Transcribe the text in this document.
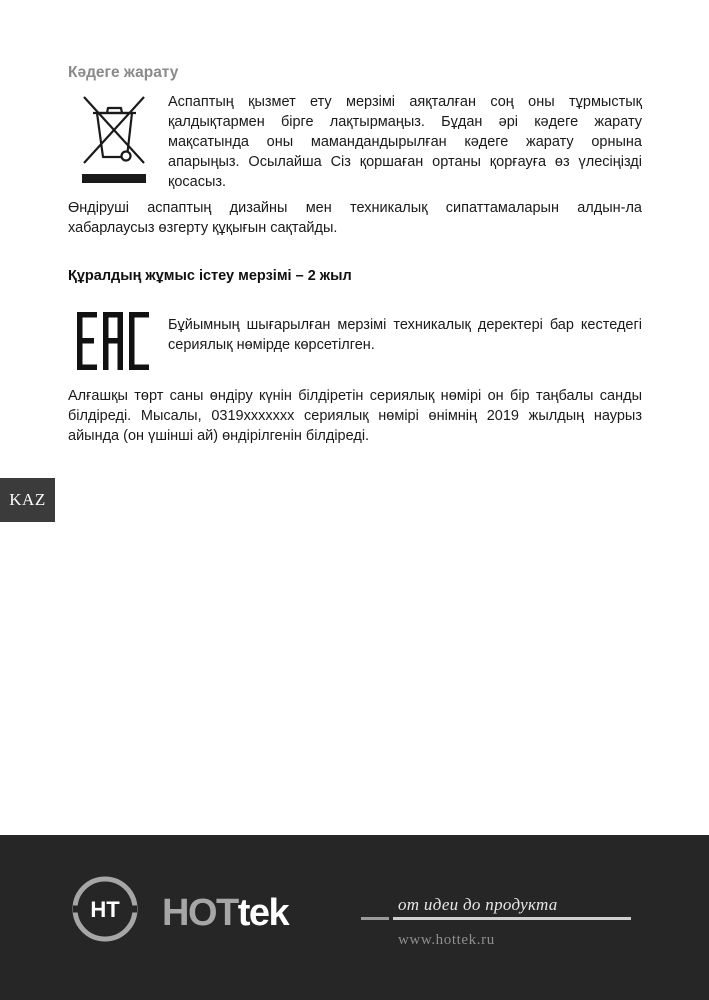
Кәдеге жарату
Аспаптың қызмет ету мерзімі аяқталған соң оны тұрмыстық қалдықтармен бірге лақтырмаңыз. Бұдан әрі кәдеге жарату мақсатында оны мамандандырылған кәдеге жарату орнына апарыңыз. Осылайша Сіз қоршаған ортаны қорғауға өз үлесіңізді қосасыз.
Өндіруші аспаптың дизайны мен техникалық сипаттамаларын алдын-ла хабарлаусыз өзгерту құқығын сақтайды.
Құралдың жұмыс істеу мерзімі – 2 жыл
Бұйымның шығарылған мерзімі техникалық деректері бар кестедегі сериялық нөмірде көрсетілген.
Алғашқы төрт саны өндіру күнін білдіретін сериялық нөмірі он бір таңбалы санды білдіреді. Мысалы, 0319xxxxxxx сериялық нөмірі өнімнің 2019 жылдың наурыз айында (он үшінші ай) өндірілгенін білдіреді.
KAZ
HT HOTtek	от идеи до продукта
www.hottek.ru
